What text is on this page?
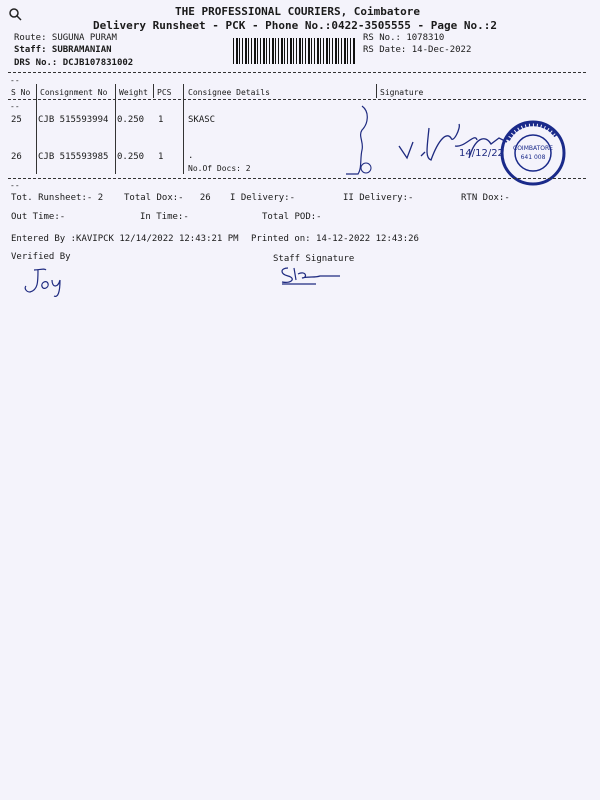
THE PROFESSIONAL COURIERS, Coimbatore
Delivery Runsheet - PCK - Phone No.:0422-3505555 - Page No.:2
Route: SUGUNA PURAM
Staff: SUBRAMANIAN
DRS No.: DCJB107831002
RS No.: 1078310
RS Date: 14-Dec-2022
--
S No Consignment No Weight PCS Consignee Details	Signature
--
25 CJB 515593994 0.250 1	SKASC
26 CJB 515593985 0.250 1	.
No.Of Docs: 2
14/12/22 COIMBATORE
641 008
--
Tot. Runsheet:- 2 Total Dox:-   26 I Delivery:-	II Delivery:-	RTN Dox:-
Out Time:-	In Time:-	Total POD:-
Entered By :KAVIPCK 12/14/2022 12:43:21 PM Printed on: 14-12-2022 12:43:26
Verified By	Staff Signature
